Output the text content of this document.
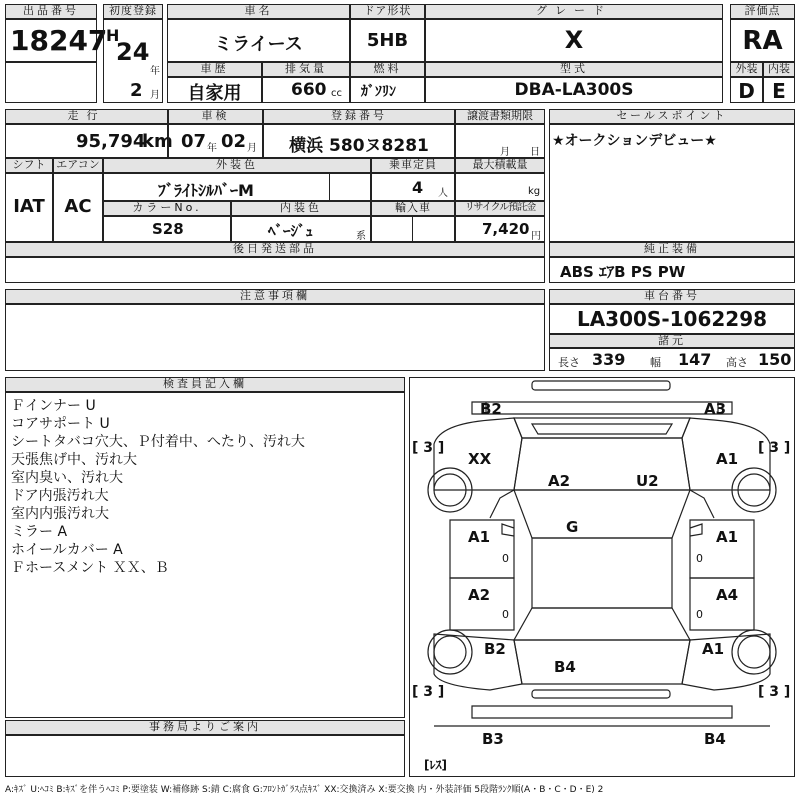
出品番号
18247
初度登録
H
24
年
2 月
車名
ミライース
ドア形状
5HB
グレード
X
評価点
RA
車歴
自家用
排気量
660 cc
燃料
ｶﾞｿﾘﾝ
型式
DBA-LA300S
外装
D
内装
E
走行
95,794
km
車検
07 年 02 月
登録番号
横浜 580ヌ8281
譲渡書類期限
月 日
セールスポイント
★オークションデビュー★
シフト
IAT
エアコン
AC
外装色
ﾌﾞﾗｲﾄｼﾙﾊﾞｰM
乗車定員
4 人
最大積載量
kg
カラーNo.
S28
内装色
ﾍﾞｰｼﾞｭ	系
輸入車	リサイクル預託金
7,420 円
後日発送部品	純正装備
ABS ｴｱB PS PW
注意事項欄	車台番号
LA300S-1062298
諸元
長さ 339 幅 147 高さ 150
検査員記入欄
Ｆインナー U
コアサポート U
シートタバコ穴大、Ｐ付着中、へたり、汚れ大
天張焦げ中、汚れ大
室内臭い、汚れ大
ドア内張汚れ大
室内内張汚れ大
ミラー A
ホイールカバー A
Ｆホースメント ＸＸ、Ｂ
事務局よりご案内
B2	A3
XX	A1
A2	U2
G
A1	A1
A2	A4
B2	A1
B4
B3	B4
0
0
0
0
[ 3 ]	[ 3 ]
[ 3 ]	[ 3 ]
[ﾚｽ]
A:ｷｽﾞ U:ﾍｺﾐ B:ｷｽﾞを伴うﾍｺﾐ P:要塗装 W:補修跡 S:錆 C:腐食 G:ﾌﾛﾝﾄｶﾞﾗｽ点ｷｽﾞ XX:交換済み X:要交換 内・外装評価 5段階ﾗﾝｸ順(A・B・C・D・E) 2
